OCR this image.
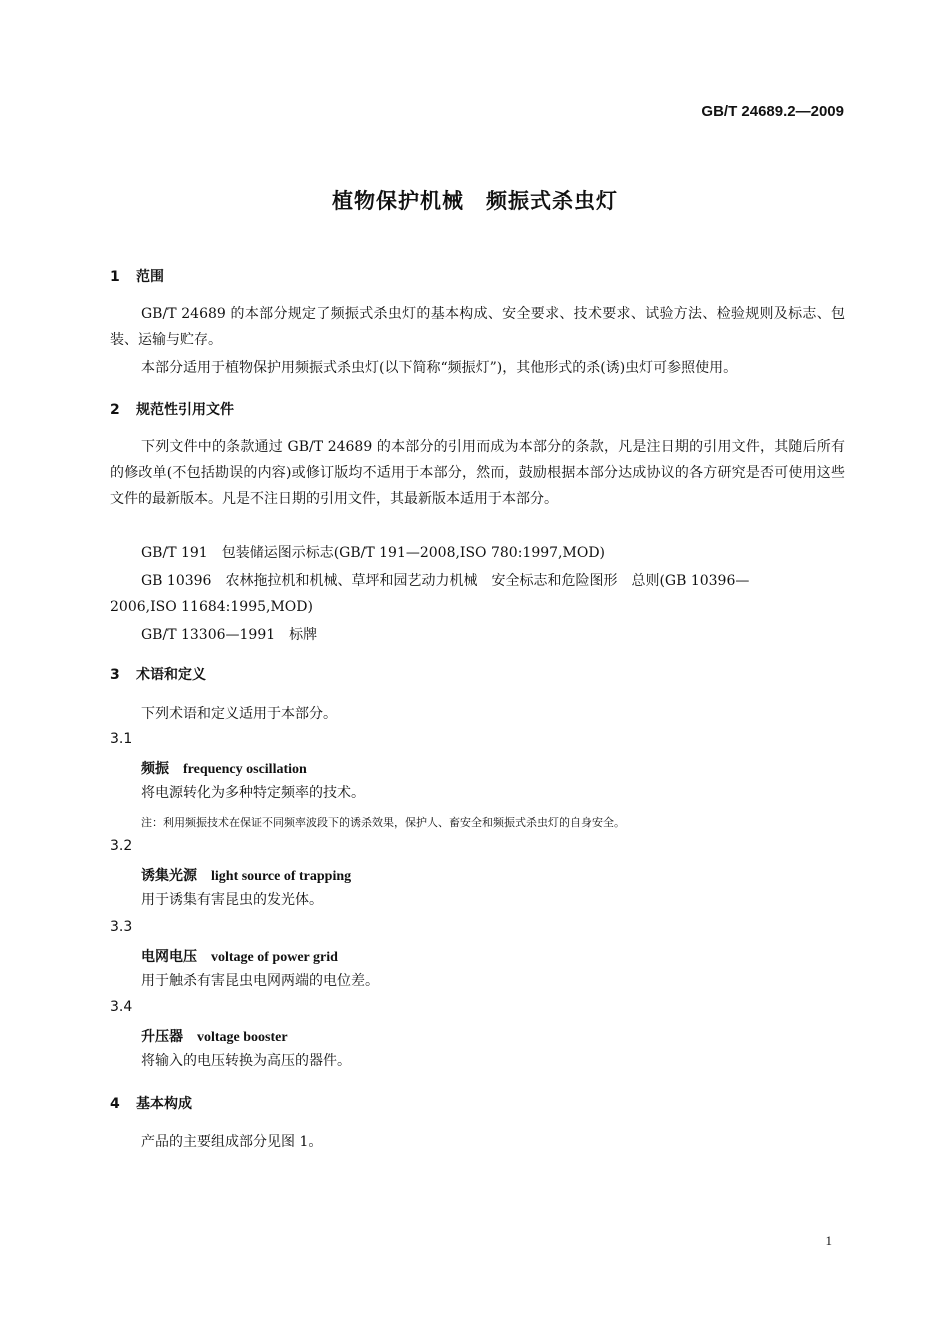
GB/T 24689.2—2009
植物保护机械　频振式杀虫灯
1 范围
GB/T 24689 的本部分规定了频振式杀虫灯的基本构成、安全要求、技术要求、试验方法、检验规则及标志、包装、运输与贮存。
本部分适用于植物保护用频振式杀虫灯(以下简称“频振灯”)，其他形式的杀(诱)虫灯可参照使用。
2 规范性引用文件
下列文件中的条款通过 GB/T 24689 的本部分的引用而成为本部分的条款，凡是注日期的引用文件，其随后所有的修改单(不包括勘误的内容)或修订版均不适用于本部分，然而，鼓励根据本部分达成协议的各方研究是否可使用这些文件的最新版本。凡是不注日期的引用文件，其最新版本适用于本部分。
GB/T 191　包装储运图示标志(GB/T 191—2008,ISO 780:1997,MOD)
GB 10396　农林拖拉机和机械、草坪和园艺动力机械　安全标志和危险图形　总则(GB 10396—
2006,ISO 11684:1995,MOD)
GB/T 13306—1991　标牌
3 术语和定义
下列术语和定义适用于本部分。
3.1
频振 frequency oscillation
将电源转化为多种特定频率的技术。
注：利用频振技术在保证不同频率波段下的诱杀效果，保护人、畜安全和频振式杀虫灯的自身安全。
3.2
诱集光源 light source of trapping
用于诱集有害昆虫的发光体。
3.3
电网电压 voltage of power grid
用于触杀有害昆虫电网两端的电位差。
3.4
升压器 voltage booster
将输入的电压转换为高压的器件。
4 基本构成
产品的主要组成部分见图 1。
1
